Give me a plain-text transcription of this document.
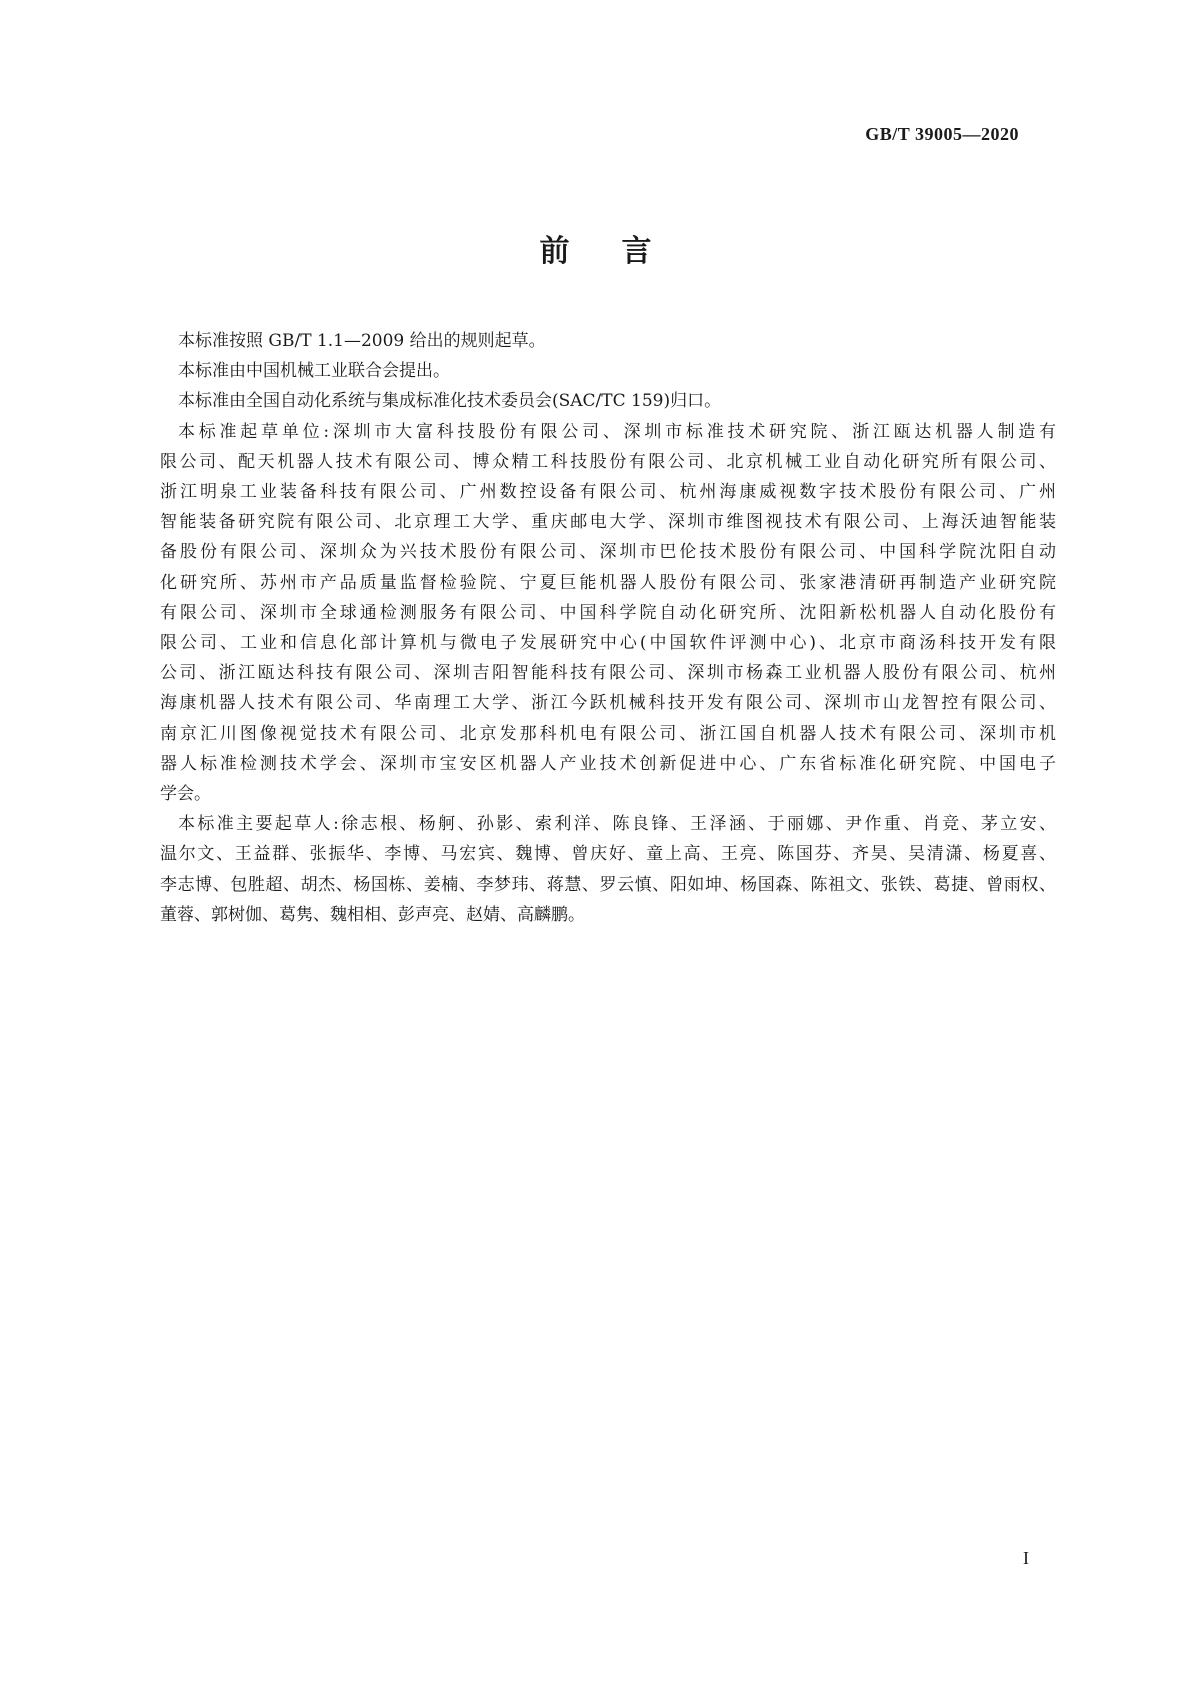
GB/T 39005—2020
前言

本标准按照 GB/T 1.1—2009 给出的规则起草。

本标准由中国机械工业联合会提出。

本标准由全国自动化系统与集成标准化技术委员会(SAC/TC 159)归口。

本标准起草单位:深圳市大富科技股份有限公司、深圳市标准技术研究院、浙江瓯达机器人制造有
限公司、配天机器人技术有限公司、博众精工科技股份有限公司、北京机械工业自动化研究所有限公司、
浙江明泉工业装备科技有限公司、广州数控设备有限公司、杭州海康威视数字技术股份有限公司、广州
智能装备研究院有限公司、北京理工大学、重庆邮电大学、深圳市维图视技术有限公司、上海沃迪智能装
备股份有限公司、深圳众为兴技术股份有限公司、深圳市巴伦技术股份有限公司、中国科学院沈阳自动
化研究所、苏州市产品质量监督检验院、宁夏巨能机器人股份有限公司、张家港清研再制造产业研究院
有限公司、深圳市全球通检测服务有限公司、中国科学院自动化研究所、沈阳新松机器人自动化股份有
限公司、工业和信息化部计算机与微电子发展研究中心(中国软件评测中心)、北京市商汤科技开发有限
公司、浙江瓯达科技有限公司、深圳吉阳智能科技有限公司、深圳市杨森工业机器人股份有限公司、杭州
海康机器人技术有限公司、华南理工大学、浙江今跃机械科技开发有限公司、深圳市山龙智控有限公司、
南京汇川图像视觉技术有限公司、北京发那科机电有限公司、浙江国自机器人技术有限公司、深圳市机
器人标准检测技术学会、深圳市宝安区机器人产业技术创新促进中心、广东省标准化研究院、中国电子
学会。

本标准主要起草人:徐志根、杨舸、孙影、索利洋、陈良锋、王泽涵、于丽娜、尹作重、肖竞、茅立安、
温尔文、王益群、张振华、李博、马宏宾、魏博、曾庆好、童上高、王亮、陈国芬、齐昊、吴清潇、杨夏喜、
李志博、包胜超、胡杰、杨国栋、姜楠、李梦玮、蒋慧、罗云慎、阳如坤、杨国森、陈祖文、张铁、葛捷、曾雨权、
董蓉、郭树伽、葛隽、魏相相、彭声亮、赵婧、高麟鹏。

I
